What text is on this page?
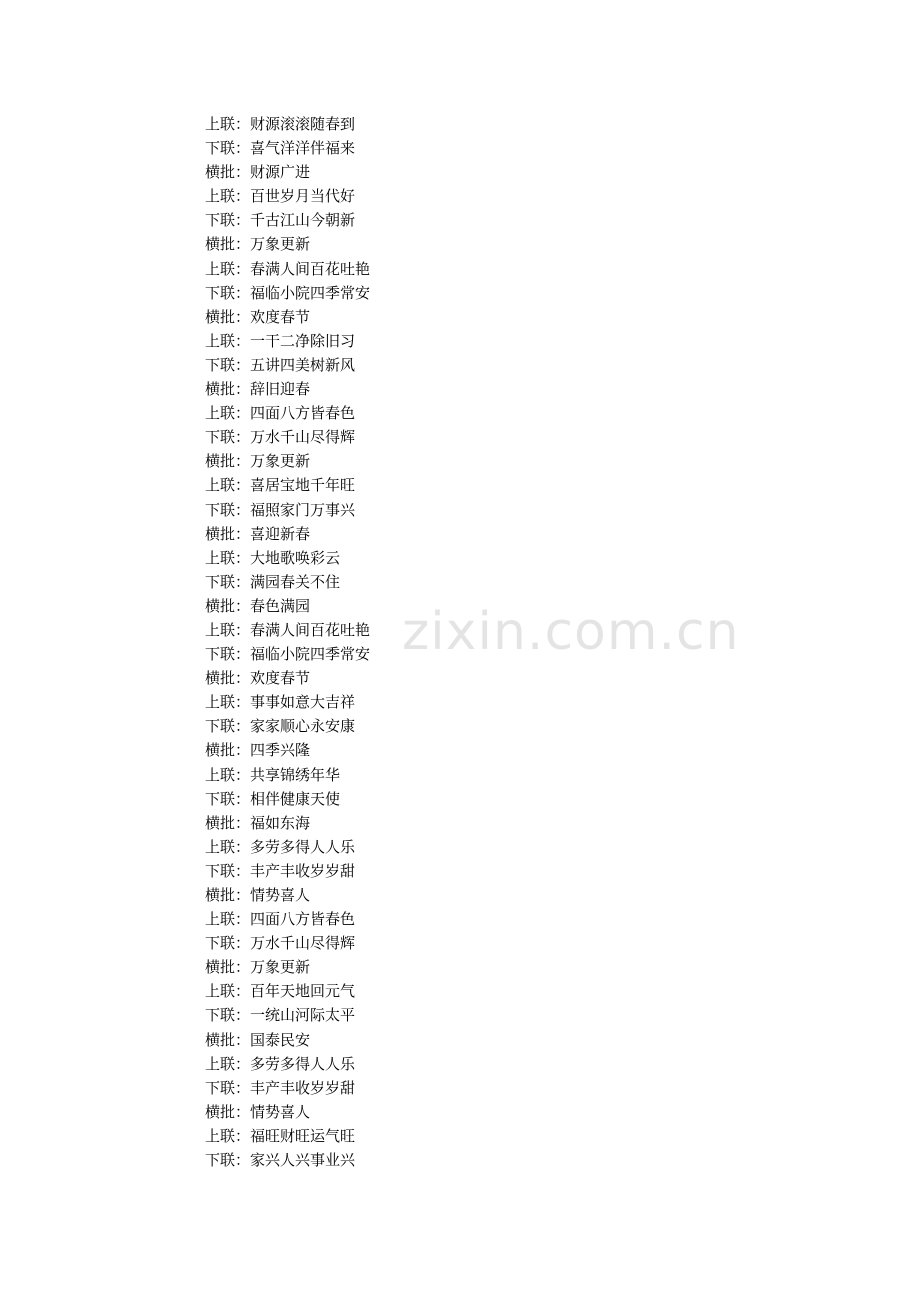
上联：财源滚滚随春到
下联：喜气洋洋伴福来
横批：财源广进
上联：百世岁月当代好
下联：千古江山今朝新
横批：万象更新
上联：春满人间百花吐艳
下联：福临小院四季常安
横批：欢度春节
上联：一干二净除旧习
下联：五讲四美树新风
横批：辞旧迎春
上联：四面八方皆春色
下联：万水千山尽得辉
横批：万象更新
上联：喜居宝地千年旺
下联：福照家门万事兴
横批：喜迎新春
上联：大地歌唤彩云
下联：满园春关不住
横批：春色满园
上联：春满人间百花吐艳
下联：福临小院四季常安
横批：欢度春节
上联：事事如意大吉祥
下联：家家顺心永安康
横批：四季兴隆
上联：共享锦绣年华
下联：相伴健康天使
横批：福如东海
上联：多劳多得人人乐
下联：丰产丰收岁岁甜
横批：情势喜人
上联：四面八方皆春色
下联：万水千山尽得辉
横批：万象更新
上联：百年天地回元气
下联：一统山河际太平
横批：国泰民安
上联：多劳多得人人乐
下联：丰产丰收岁岁甜
横批：情势喜人
上联：福旺财旺运气旺
下联：家兴人兴事业兴
zixin.com.cn
